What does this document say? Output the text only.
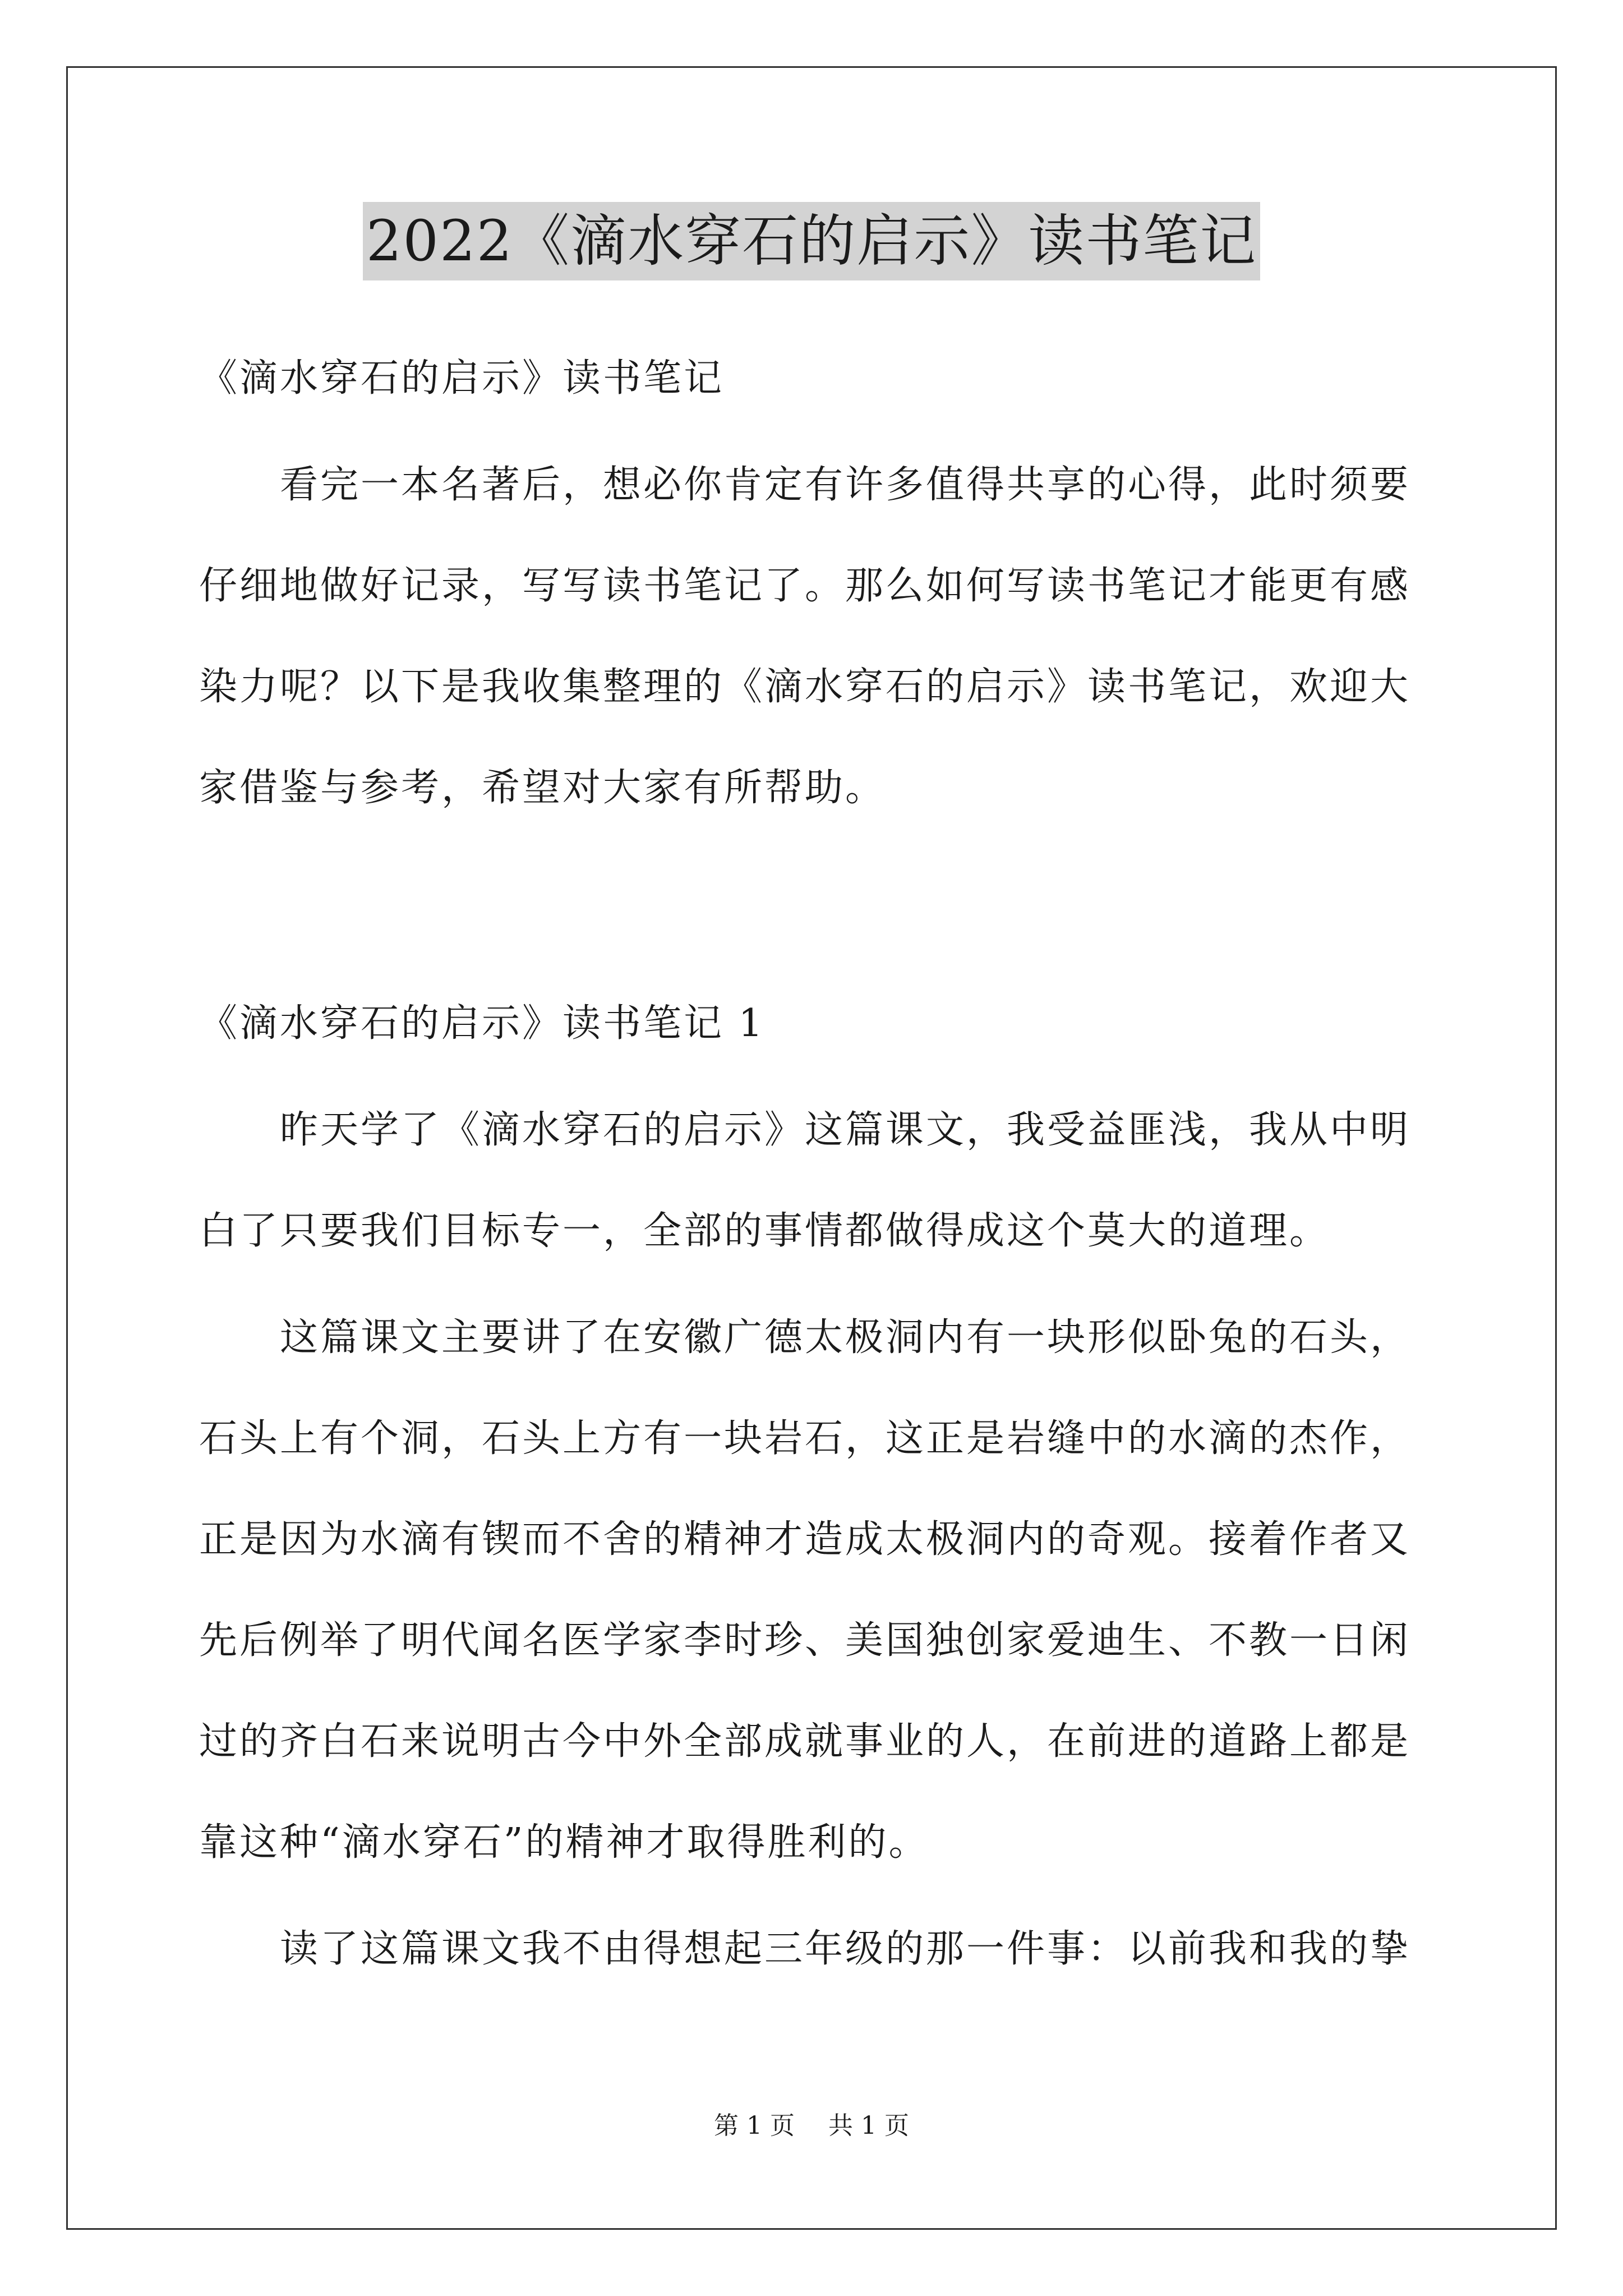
2022《滴水穿石的启示》读书笔记
《滴水穿石的启示》读书笔记
　　看完一本名著后，想必你肯定有许多值得共享的心得，此时须要
仔细地做好记录，写写读书笔记了。那么如何写读书笔记才能更有感
染力呢？以下是我收集整理的《滴水穿石的启示》读书笔记，欢迎大
家借鉴与参考，希望对大家有所帮助。
《滴水穿石的启示》读书笔记 1
　　昨天学了《滴水穿石的启示》这篇课文，我受益匪浅，我从中明
白了只要我们目标专一，全部的事情都做得成这个莫大的道理。
　　这篇课文主要讲了在安徽广德太极洞内有一块形似卧兔的石头，
石头上有个洞，石头上方有一块岩石，这正是岩缝中的水滴的杰作，
正是因为水滴有锲而不舍的精神才造成太极洞内的奇观。接着作者又
先后例举了明代闻名医学家李时珍、美国独创家爱迪生、不教一日闲
过的齐白石来说明古今中外全部成就事业的人，在前进的道路上都是
靠这种“滴水穿石”的精神才取得胜利的。
　　读了这篇课文我不由得想起三年级的那一件事：以前我和我的挚
第 1 页 共 1 页
